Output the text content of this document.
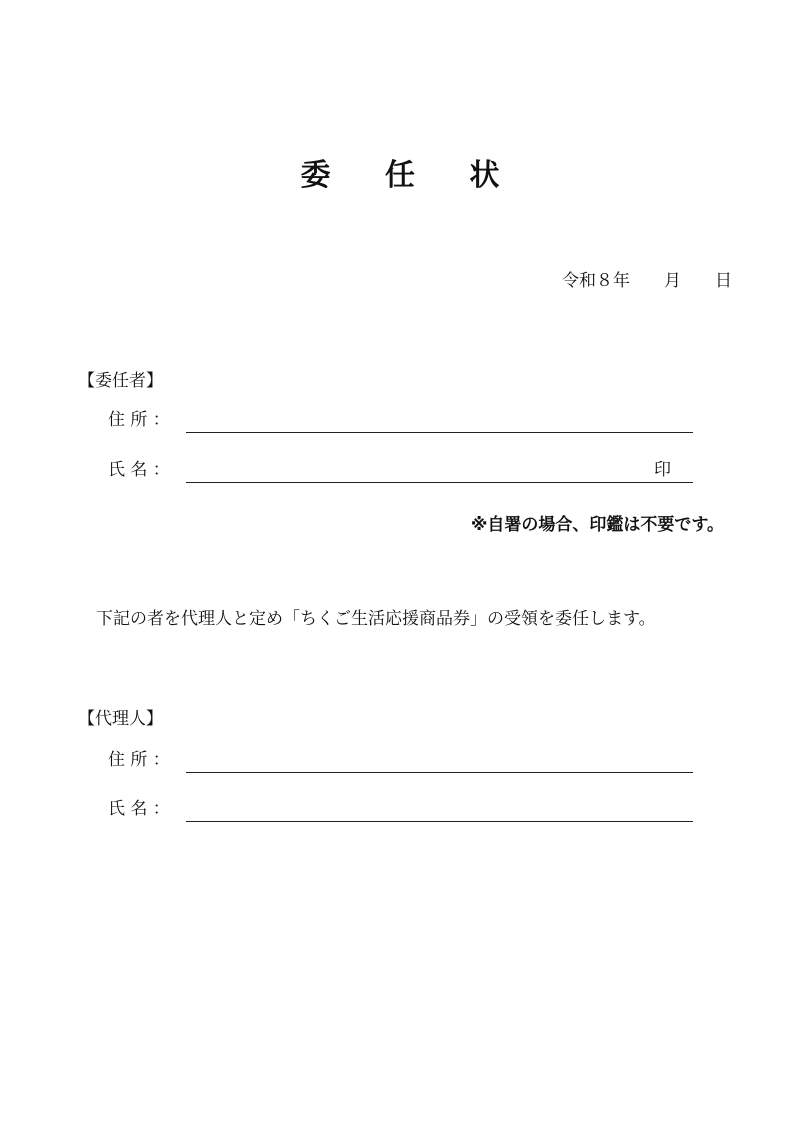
委 任 状
令和８年　　月　　日
【委任者】
住 所 ：
氏 名 ：	印
※自署の場合、印鑑は不要です。
下記の者を代理人と定め「ちくご生活応援商品券」の受領を委任します。
【代理人】
住 所 ：
氏 名 ：
